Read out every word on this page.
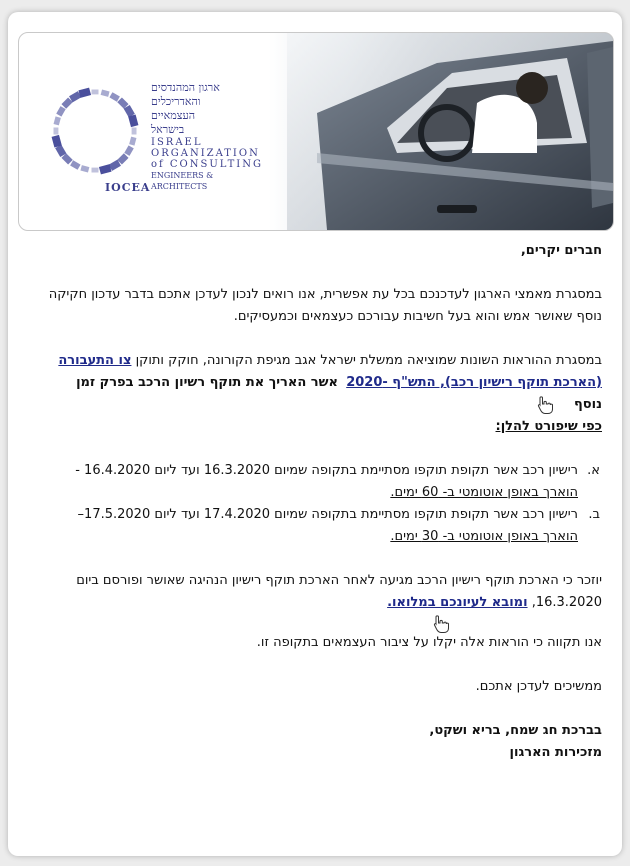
ארגון המהנדסים
והאדריכלים
העצמאיים
בישראל
ISRAEL
ORGANIZATION
of CONSULTING
ENGINEERS & ARCHITECTS
IOCEA

חברים יקרים,

במסגרת מאמצי הארגון לעדכנכם בכל עת אפשרית, אנו רואים לנכון לעדכן אתכם בדבר עדכון חקיקה נוסף שאושר אמש והוא בעל חשיבות עבורכם כעצמאים וכמעסיקים.

במסגרת ההוראות השונות שמוציאה ממשלת ישראל אגב מגיפת הקורונה, חוקק ותוקן צו התעבורה (הארכת תוקף רישיון רכב), התש"ף -2020  אשר האריך את תוקף רשיון הרכב בפרק זמן נוסף

כפי שיפורט להלן:

א.
רישיון רכב אשר תקופת תוקפו מסתיימת בתקופה שמיום 16.3.2020 ועד ליום 16.4.2020 -
הוארך באופן אוטומטי ב- 60 ימים.
ב.
רישיון רכב אשר תקופת תוקפו מסתיימת בתקופה שמיום 17.4.2020 ועד ליום 17.5.2020–
הוארך באופן אוטומטי ב- 30 ימים.

יוזכר כי הארכת תוקף רישיון הרכב מגיעה לאחר הארכת תוקף רישיון הנהיגה שאושר ופורסם ביום 16.3.2020, ומובא לעיונכם במלואו.

אנו תקווה כי הוראות אלה יקלו על ציבור העצמאים בתקופה זו.

ממשיכים לעדכן אתכם.

בברכת חג שמח, בריא ושקט,

מזכירות הארגון
